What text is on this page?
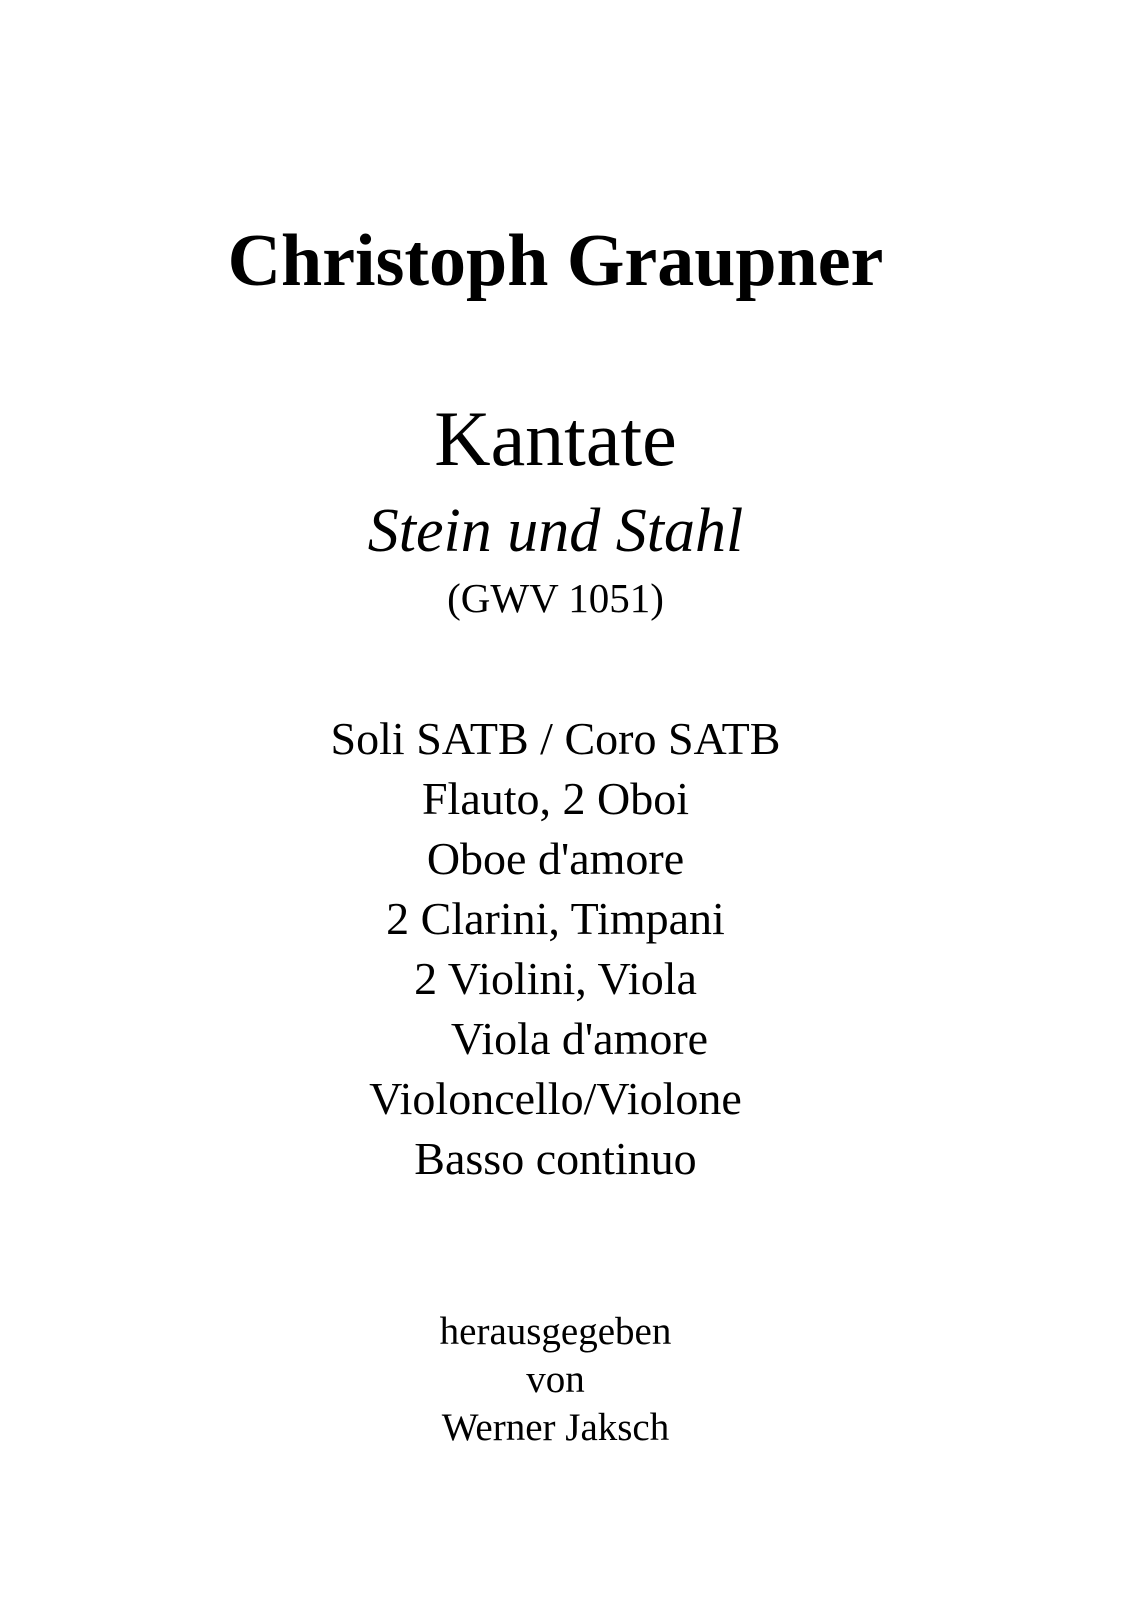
Christoph Graupner
Kantate
Stein und Stahl
(GWV 1051)
Soli SATB / Coro SATB
Flauto, 2 Oboi
Oboe d'amore
2 Clarini, Timpani
2 Violini, Viola
Viola d'amore
Violoncello/Violone
Basso continuo
herausgegeben
von
Werner Jaksch
